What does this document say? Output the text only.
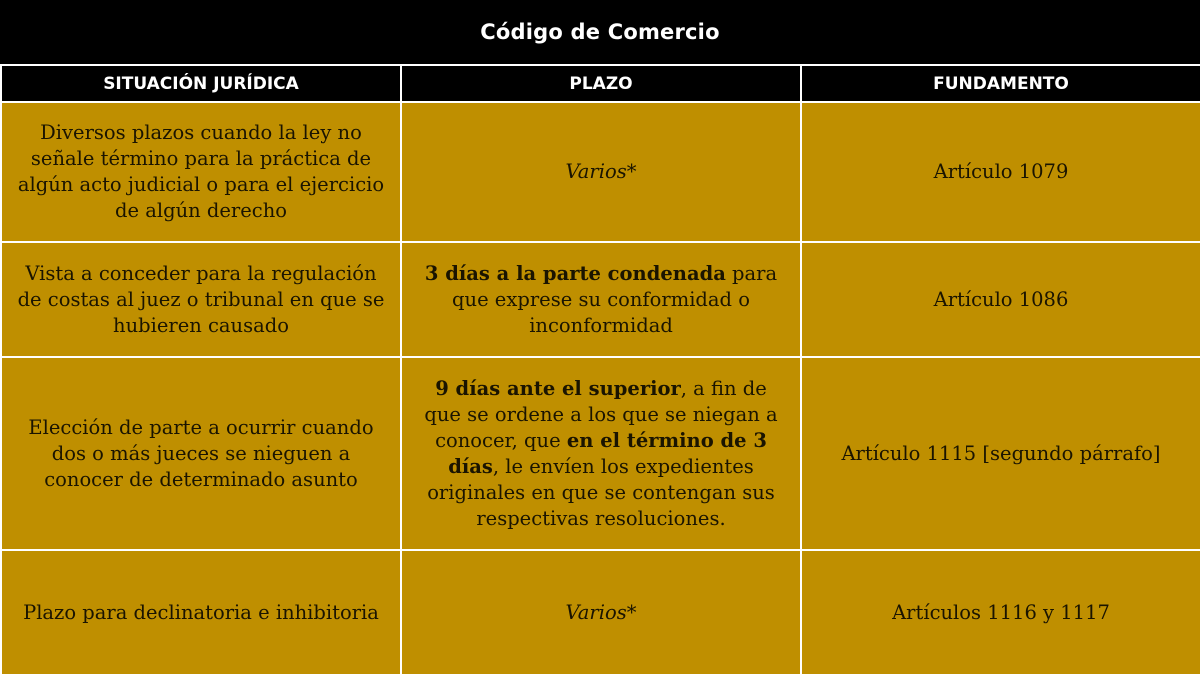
Código de Comercio
SITUACIÓN JURÍDICA	PLAZO	FUNDAMENTO
Diversos plazos cuando la ley no señale término para la práctica de algún acto judicial o para el ejercicio de algún derecho	Varios*	Artículo 1079
Vista a conceder para la regulación de costas al juez o tribunal en que se hubieren causado	3 días a la parte condenada para que exprese su conformidad o inconformidad	Artículo 1086
Elección de parte a ocurrir cuando dos o más jueces se nieguen a conocer de determinado asunto	9 días ante el superior, a fin de que se ordene a los que se niegan a conocer, que en el término de 3 días, le envíen los expedientes originales en que se contengan sus respectivas resoluciones.	Artículo 1115 [segundo párrafo]
Plazo para declinatoria e inhibitoria	Varios*	Artículos 1116 y 1117
